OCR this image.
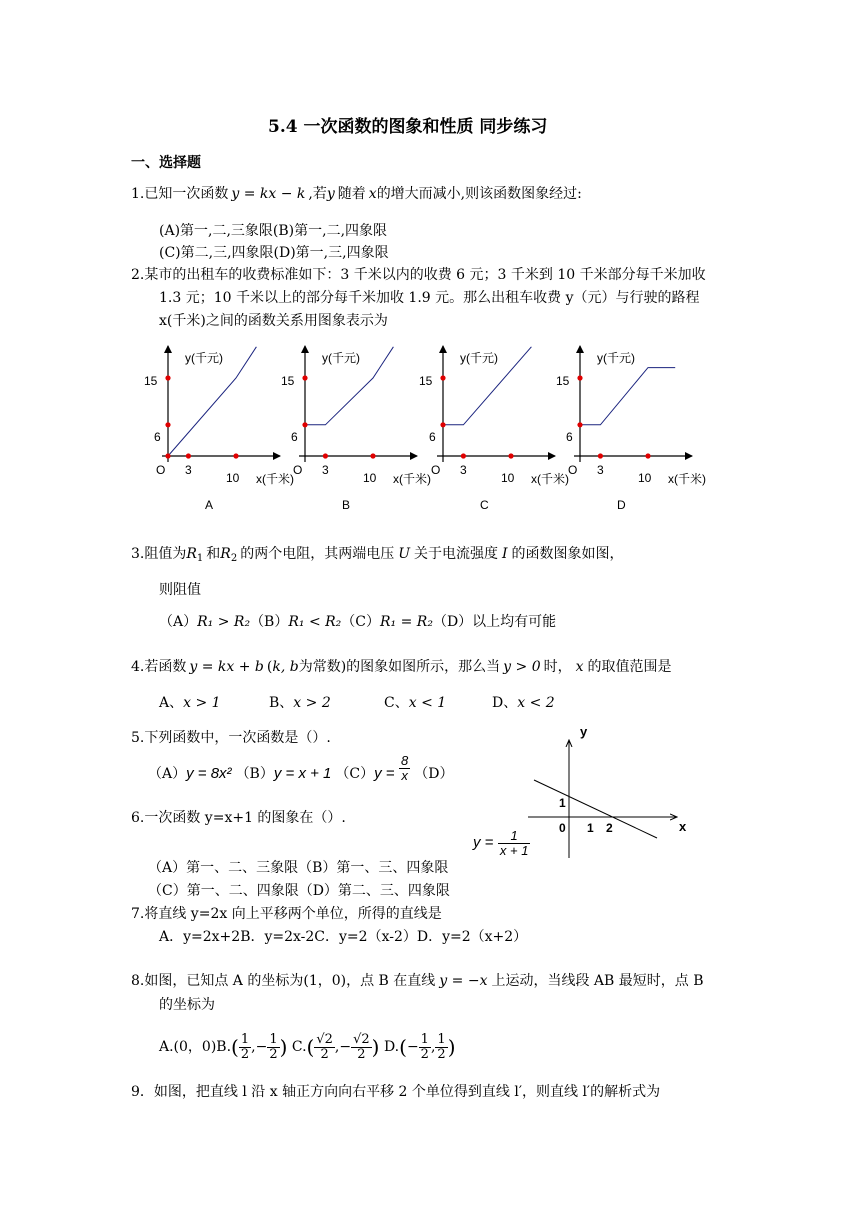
5.4 一次函数的图象和性质 同步练习
一、选择题
1.已知一次函数 y = kx − k ,若y 随着 x的增大而减小,则该函数图象经过:
(A)第一,二,三象限(B)第一,二,四象限
(C)第二,三,四象限(D)第一,三,四象限
2.某市的出租车的收费标准如下：3 千米以内的收费 6 元；3 千米到 10 千米部分每千米加收
1.3 元；10 千米以上的部分每千米加收 1.9 元。那么出租车收费 y（元）与行驶的路程
x(千米)之间的函数关系用图象表示为
y(千元)
15
6
O 3
10 x(千米)
A
y(千元)
15
6
O 3
10 x(千米)
B
y(千元)
15
6
O 3
10 x(千米)
C
y(千元)
15
6
O 3
10 x(千米)
D
3.阻值为$R_1$ 和$R_2$ 的两个电阻，其两端电压 U 关于电流强度 I 的函数图象如图，
则阻值
（A）R₁ > R₂（B）R₁ < R₂（C）R₁ = R₂（D）以上均有可能
4.若函数 y = kx + b (k, b为常数)的图象如图所示，那么当 y > 0 时， x 的取值范围是
A、x > 1	B、x > 2	C、x < 1	D、x < 2
y
x
1
0 1 2
5.下列函数中，一次函数是（）.
（A）y = 8x² （B）y = x + 1 $(C)y = \frac{8}{x} (D)$
6.一次函数 y=x+1 的图象在（）.
$y = \frac{1}{x + 1}$
（A）第一、二、三象限（B）第一、三、四象限
（C）第一、二、四象限（D）第二、三、四象限
7.将直线 y=2x 向上平移两个单位，所得的直线是
A．y=2x+2B．y=2x-2C．y=2（x-2）D．y=2（x+2）
8.如图，已知点 A 的坐标为(1，0)，点 B 在直线 y = −x 上运动，当线段 AB 最短时，点 B
的坐标为
A.(0，$0)B.( \frac{1}{2}$ ,− $\frac{1}{2}$ ) $C.( \frac{√2}{2}$ ,− $\frac{√2}{2}$ ) $D.(- \frac{1}{2}$ , $\frac{1}{2}$ )
9．如图，把直线 l 沿 x 轴正方向向右平移 2 个单位得到直线 l′，则直线 l′的解析式为
